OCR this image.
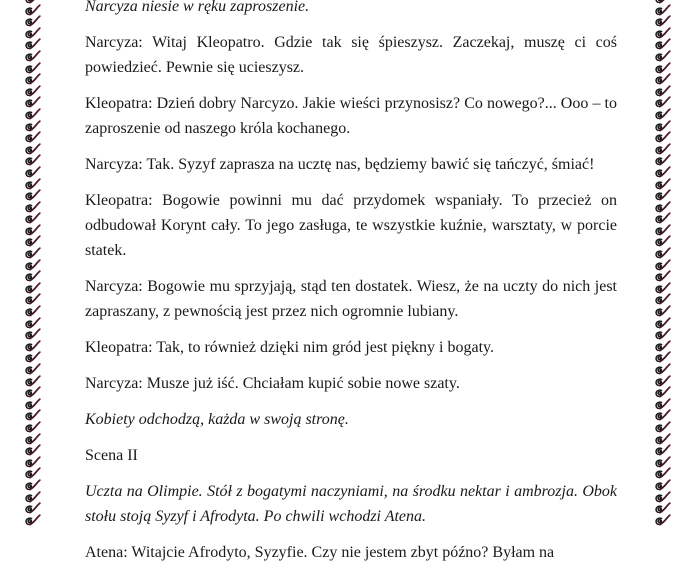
Narcyza niesie w ręku zaproszenie.

Narcyza: Witaj Kleopatro. Gdzie tak się śpieszysz. Zaczekaj, muszę ci coś powiedzieć. Pewnie się ucieszysz.

Kleopatra: Dzień dobry Narcyzo. Jakie wieści przynosisz? Co nowego?... Ooo – to zaproszenie od naszego króla kochanego.

Narcyza: Tak. Syzyf zaprasza na ucztę nas, będziemy bawić się tańczyć, śmiać!

Kleopatra: Bogowie powinni mu dać przydomek wspaniały. To przecież on odbudował Korynt cały. To jego zasługa, te wszystkie kuźnie, warsztaty, w porcie statek.

Narcyza: Bogowie mu sprzyjają, stąd ten dostatek. Wiesz, że na uczty do nich jest zapraszany, z pewnością jest przez nich ogromnie lubiany.

Kleopatra: Tak, to również dzięki nim gród jest piękny i bogaty.

Narcyza: Musze już iść. Chciałam kupić sobie nowe szaty.

Kobiety odchodzą, każda w swoją stronę.

Scena II

Uczta na Olimpie. Stół z bogatymi naczyniami, na środku nektar i ambrozja. Obok stołu stoją Syzyf i Afrodyta. Po chwili wchodzi Atena.

Atena: Witajcie Afrodyto, Syzyfie. Czy nie jestem zbyt późno? Byłam na
